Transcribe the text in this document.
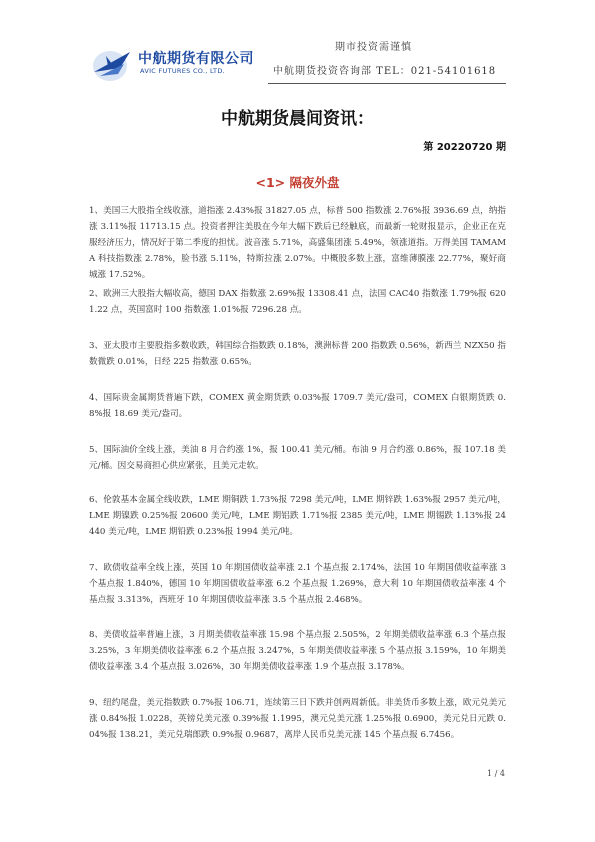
中航期货有限公司
AVIC FUTURES CO., LTD.
期市投资需谨慎
中航期货投资咨询部 TEL：021-54101618
中航期货晨间资讯：
第 20220720 期
<1> 隔夜外盘

1、美国三大股指全线收涨，道指涨 2.43%报 31827.05 点，标普 500 指数涨 2.76%报 3936.69 点，纳指涨 3.11%报 11713.15 点。投资者押注美股在今年大幅下跌后已经触底，而最新一轮财报显示，企业正在克服经济压力，情况好于第二季度的担忧。波音涨 5.71%，高盛集团涨 5.49%，领涨道指。万得美国 TAMAMA 科技指数涨 2.78%，脸书涨 5.11%，特斯拉涨 2.07%。中概股多数上涨，富维薄膜涨 22.77%，聚好商城涨 17.52%。

2、欧洲三大股指大幅收高，德国 DAX 指数涨 2.69%报 13308.41 点，法国 CAC40 指数涨 1.79%报 6201.22 点，英国富时 100 指数涨 1.01%报 7296.28 点。

3、亚太股市主要股指多数收跌，韩国综合指数跌 0.18%，澳洲标普 200 指数跌 0.56%，新西兰 NZX50 指数微跌 0.01%，日经 225 指数涨 0.65%。

4、国际贵金属期货普遍下跌，COMEX 黄金期货跌 0.03%报 1709.7 美元/盎司，COMEX 白银期货跌 0.8%报 18.69 美元/盎司。

5、国际油价全线上涨，美油 8 月合约涨 1%，报 100.41 美元/桶。布油 9 月合约涨 0.86%，报 107.18 美元/桶。因交易商担心供应紧张，且美元走软。

6、伦敦基本金属全线收跌，LME 期铜跌 1.73%报 7298 美元/吨，LME 期锌跌 1.63%报 2957 美元/吨，LME 期镍跌 0.25%报 20600 美元/吨，LME 期铝跌 1.71%报 2385 美元/吨，LME 期锡跌 1.13%报 24440 美元/吨，LME 期铅跌 0.23%报 1994 美元/吨。

7、欧债收益率全线上涨，英国 10 年期国债收益率涨 2.1 个基点报 2.174%，法国 10 年期国债收益率涨 3 个基点报 1.840%，德国 10 年期国债收益率涨 6.2 个基点报 1.269%，意大利 10 年期国债收益率涨 4 个基点报 3.313%，西班牙 10 年期国债收益率涨 3.5 个基点报 2.468%。

8、美债收益率普遍上涨，3 月期美债收益率涨 15.98 个基点报 2.505%，2 年期美债收益率涨 6.3 个基点报 3.25%，3 年期美债收益率涨 6.2 个基点报 3.247%，5 年期美债收益率涨 5 个基点报 3.159%，10 年期美债收益率涨 3.4 个基点报 3.026%，30 年期美债收益率涨 1.9 个基点报 3.178%。

9、纽约尾盘，美元指数跌 0.7%报 106.71，连续第三日下跌并创两周新低。非美货币多数上涨，欧元兑美元涨 0.84%报 1.0228，英镑兑美元涨 0.39%报 1.1995，澳元兑美元涨 1.25%报 0.6900，美元兑日元跌 0.04%报 138.21，美元兑瑞郎跌 0.9%报 0.9687，离岸人民币兑美元涨 145 个基点报 6.7456。

1 / 4
